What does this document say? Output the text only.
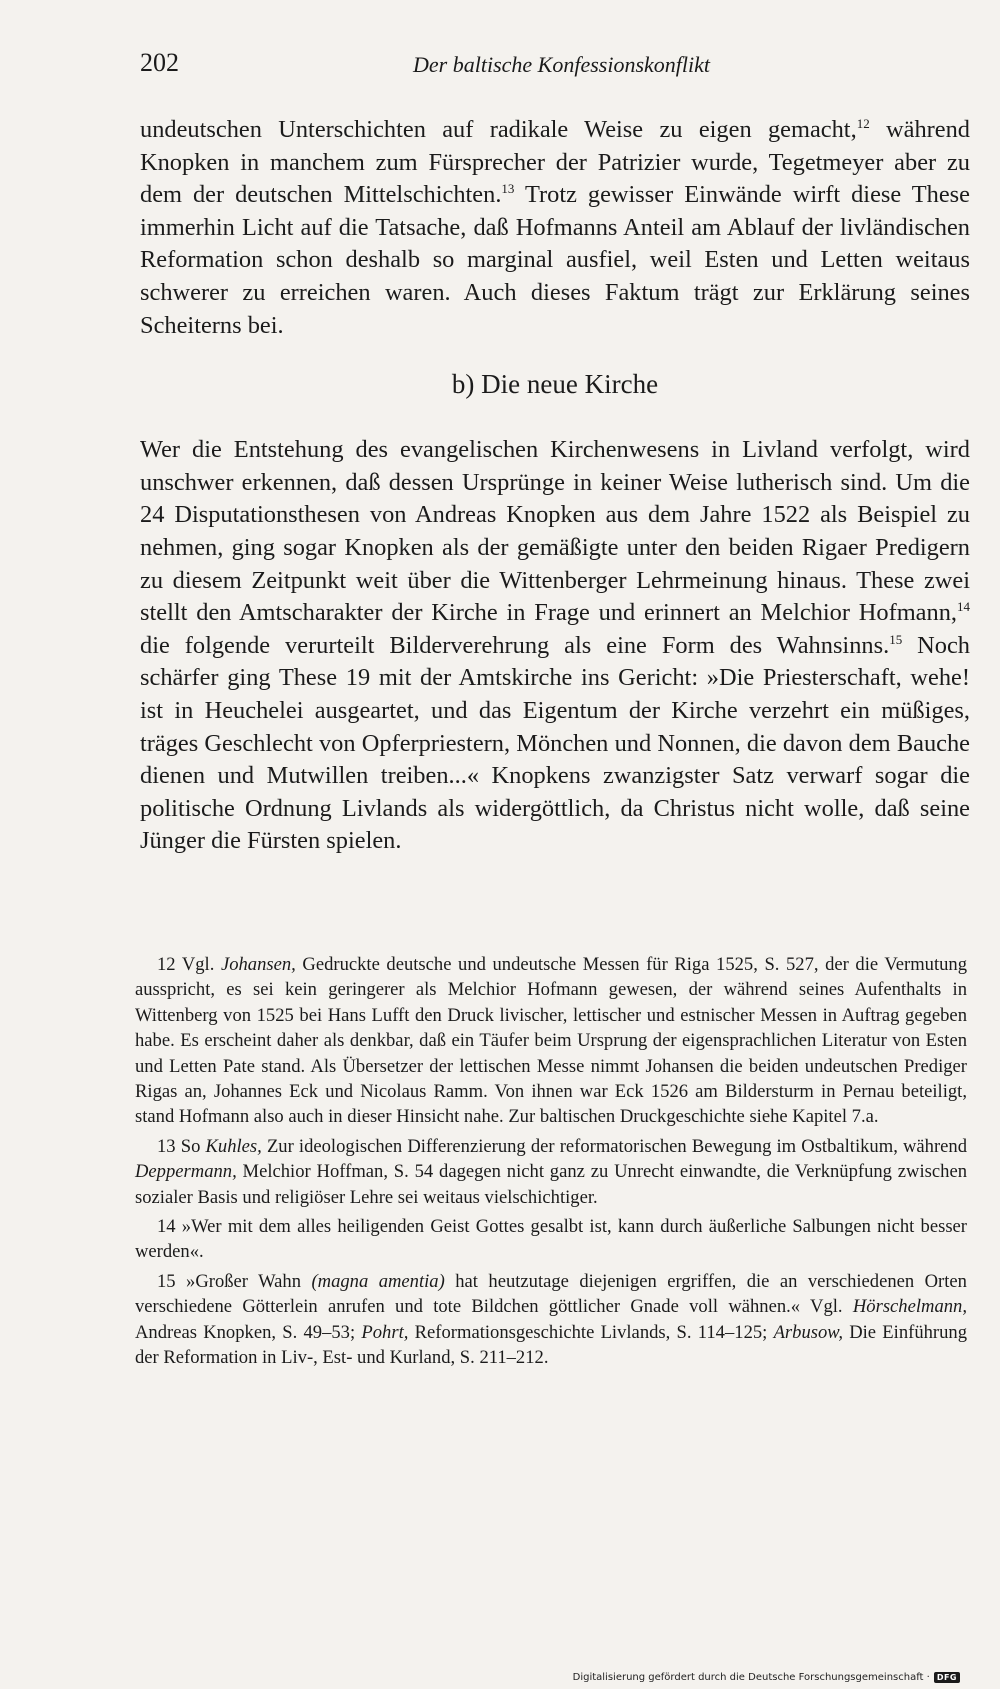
202	Der baltische Konfessionskonflikt

undeutschen Unterschichten auf radikale Weise zu eigen gemacht,$^{12}$ während Knopken in manchem zum Fürsprecher der Patrizier wurde, Tegetmeyer aber zu dem der deutschen Mittelschichten.$^{13}$ Trotz gewisser Einwände wirft diese These immerhin Licht auf die Tatsache, daß Hofmanns Anteil am Ablauf der livländischen Reformation schon deshalb so marginal ausfiel, weil Esten und Letten weitaus schwerer zu erreichen waren. Auch dieses Faktum trägt zur Erklärung seines Scheiterns bei.

b) Die neue Kirche

Wer die Entstehung des evangelischen Kirchenwesens in Livland verfolgt, wird unschwer erkennen, daß dessen Ursprünge in keiner Weise lutherisch sind. Um die 24 Disputationsthesen von Andreas Knopken aus dem Jahre 1522 als Beispiel zu nehmen, ging sogar Knopken als der gemäßigte unter den beiden Rigaer Predigern zu diesem Zeitpunkt weit über die Wittenberger Lehrmeinung hinaus. These zwei stellt den Amtscharakter der Kirche in Frage und erinnert an Melchior Hofmann,$^{14}$ die folgende verurteilt Bilderverehrung als eine Form des Wahnsinns.$^{15}$ Noch schärfer ging These 19 mit der Amtskirche ins Gericht: »Die Priesterschaft, wehe! ist in Heuchelei ausgeartet, und das Eigentum der Kirche verzehrt ein müßiges, träges Geschlecht von Opferpriestern, Mönchen und Nonnen, die davon dem Bauche dienen und Mutwillen treiben...« Knopkens zwanzigster Satz verwarf sogar die politische Ordnung Livlands als widergöttlich, da Christus nicht wolle, daß seine Jünger die Fürsten spielen.

12 Vgl. Johansen, Gedruckte deutsche und undeutsche Messen für Riga 1525, S. 527, der die Vermutung ausspricht, es sei kein geringerer als Melchior Hofmann gewesen, der während seines Aufenthalts in Wittenberg von 1525 bei Hans Lufft den Druck livischer, lettischer und estnischer Messen in Auftrag gegeben habe. Es erscheint daher als denkbar, daß ein Täufer beim Ursprung der eigensprachlichen Literatur von Esten und Letten Pate stand. Als Übersetzer der lettischen Messe nimmt Johansen die beiden undeutschen Prediger Rigas an, Johannes Eck und Nicolaus Ramm. Von ihnen war Eck 1526 am Bildersturm in Pernau beteiligt, stand Hofmann also auch in dieser Hinsicht nahe. Zur baltischen Druckgeschichte siehe Kapitel 7.a.

13 So Kuhles, Zur ideologischen Differenzierung der reformatorischen Bewegung im Ostbaltikum, während Deppermann, Melchior Hoffman, S. 54 dagegen nicht ganz zu Unrecht einwandte, die Verknüpfung zwischen sozialer Basis und religiöser Lehre sei weitaus vielschichtiger.

14 »Wer mit dem alles heiligenden Geist Gottes gesalbt ist, kann durch äußerliche Salbungen nicht besser werden«.

15 »Großer Wahn (magna amentia) hat heutzutage diejenigen ergriffen, die an verschiedenen Orten verschiedene Götterlein anrufen und tote Bildchen göttlicher Gnade voll wähnen.« Vgl. Hörschelmann, Andreas Knopken, S. 49–53; Pohrt, Reformationsgeschichte Livlands, S. 114–125; Arbusow, Die Einführung der Reformation in Liv-, Est- und Kurland, S. 211–212.

Digitalisierung gefördert durch die Deutsche Forschungsgemeinschaft · DFG
